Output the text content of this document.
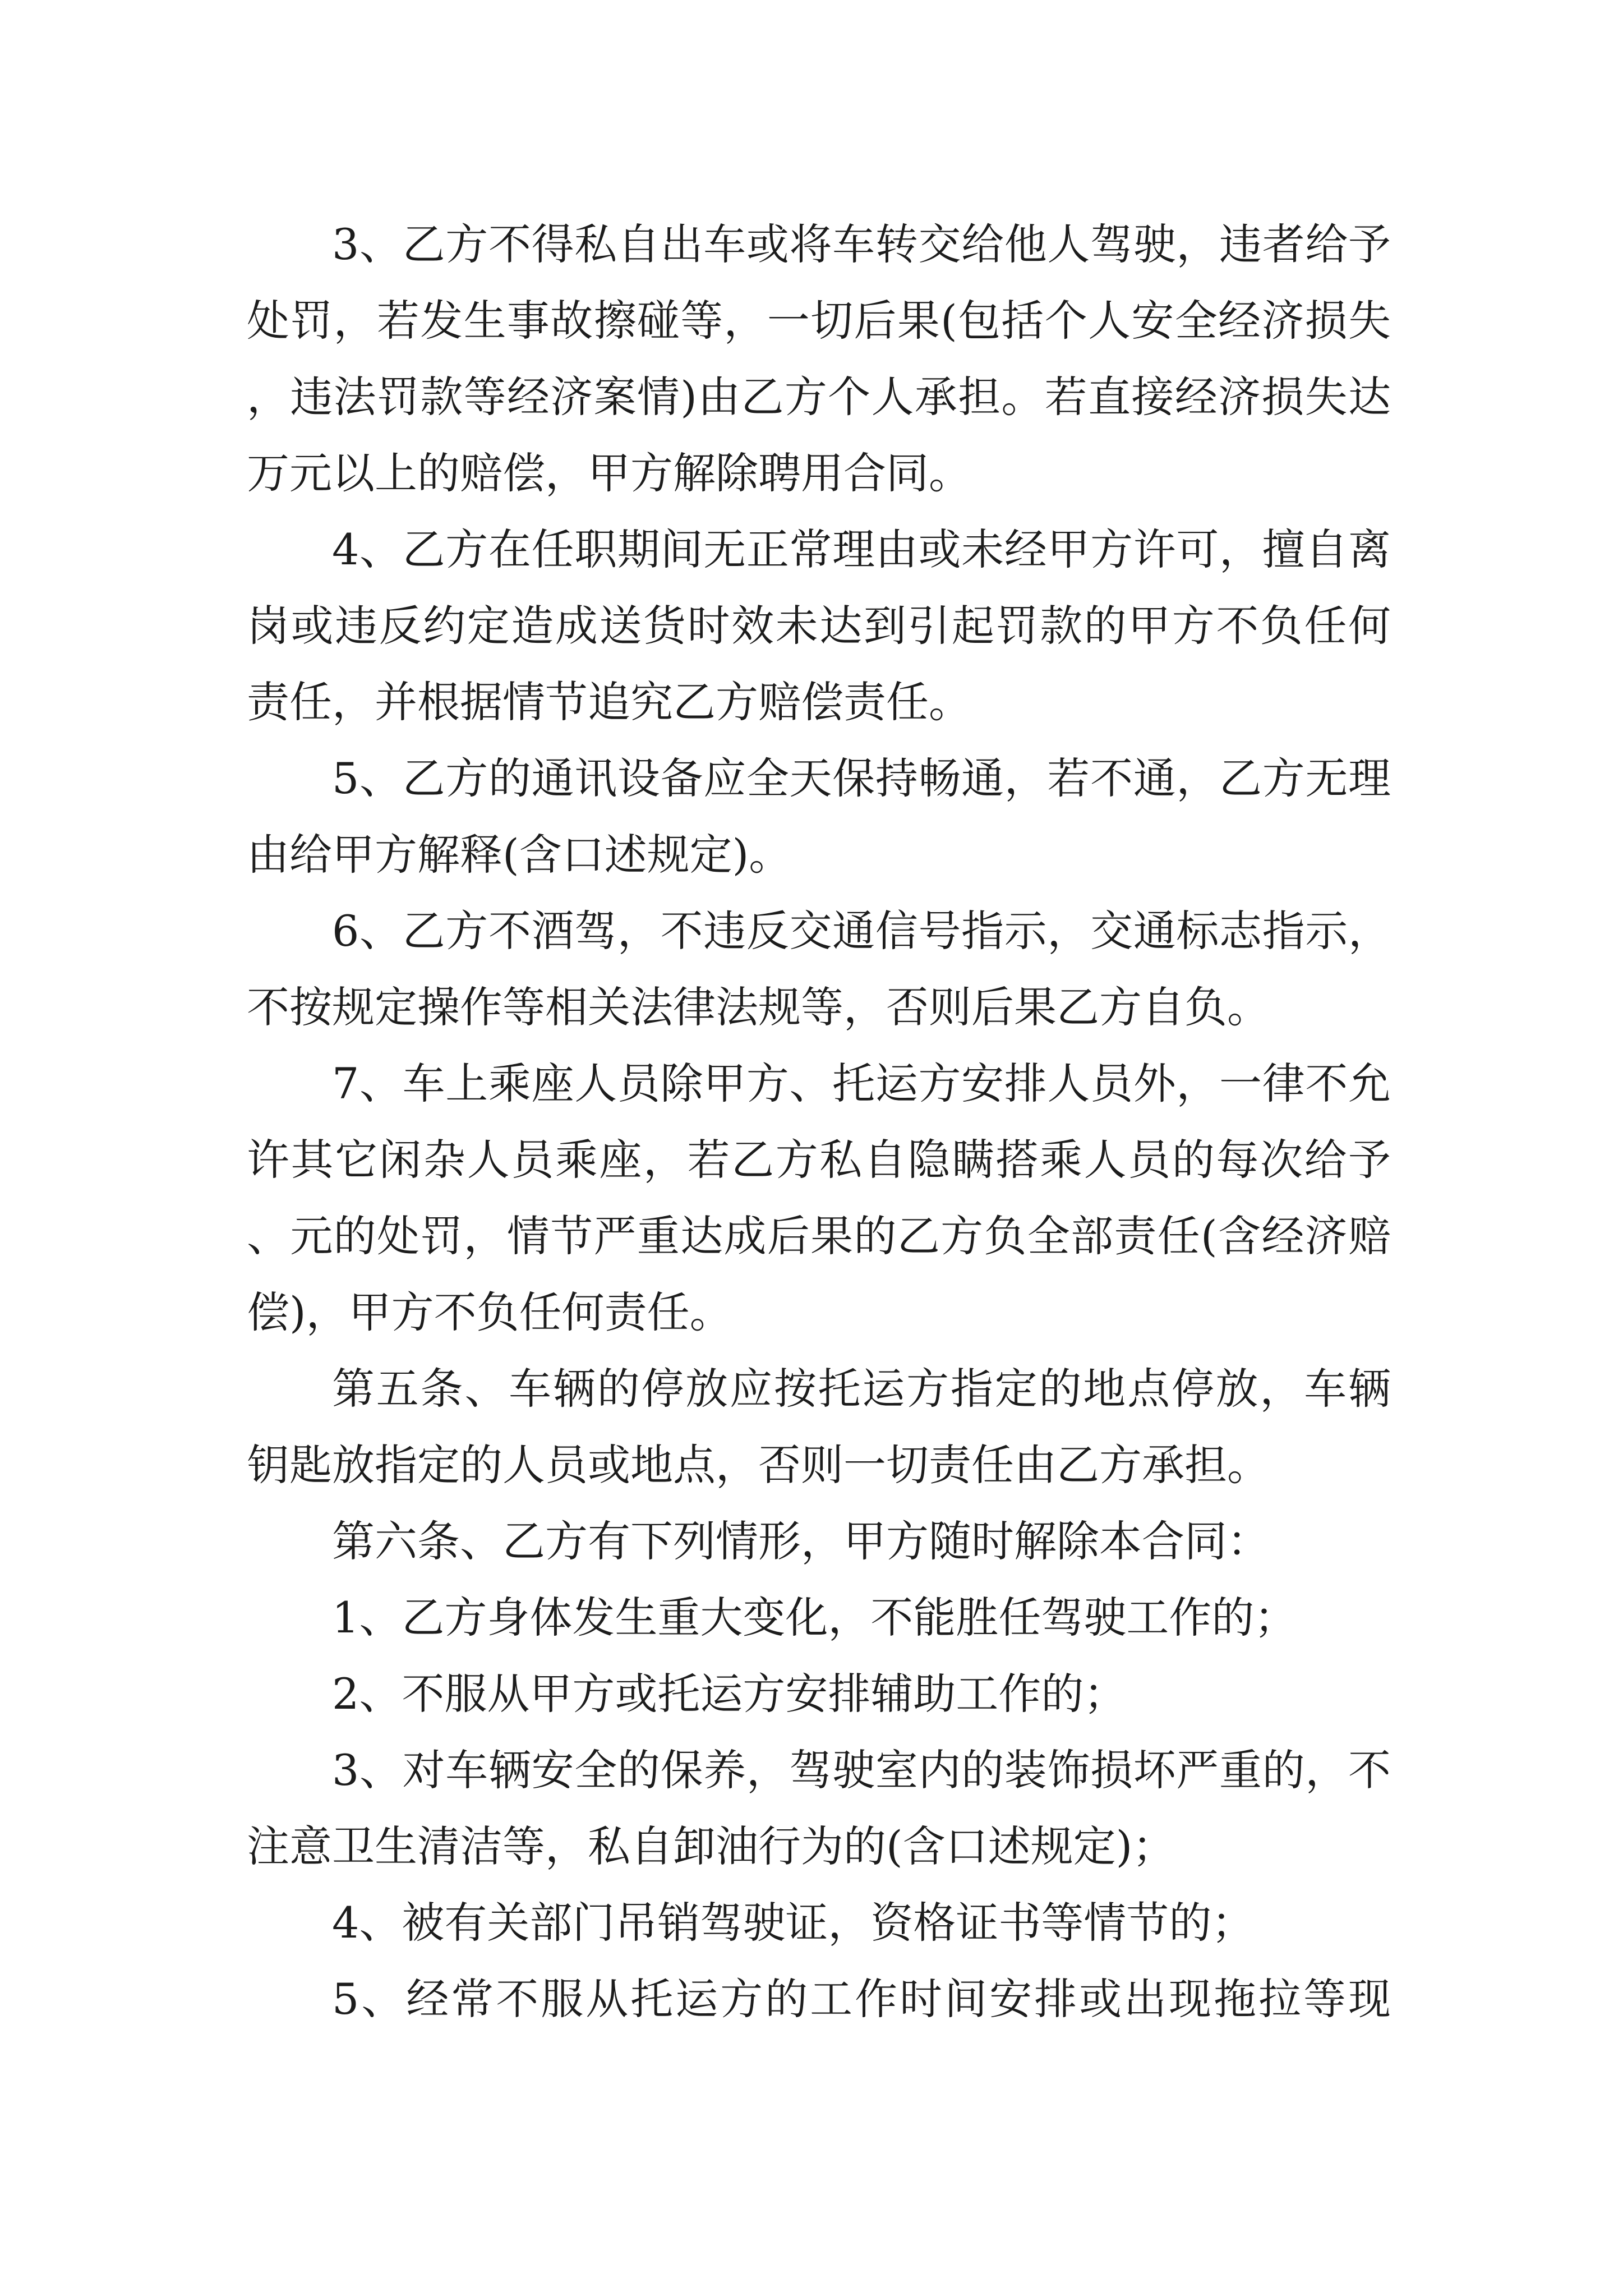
3、乙方不得私自出车或将车转交给他人驾驶，违者给予处罚，若发生事故擦碰等，一切后果(包括个人安全经济损失，违法罚款等经济案情)由乙方个人承担。若直接经济损失达万元以上的赔偿，甲方解除聘用合同。

4、乙方在任职期间无正常理由或未经甲方许可，擅自离岗或违反约定造成送货时效未达到引起罚款的甲方不负任何责任，并根据情节追究乙方赔偿责任。

5、乙方的通讯设备应全天保持畅通，若不通，乙方无理由给甲方解释(含口述规定)。

6、乙方不酒驾，不违反交通信号指示，交通标志指示，不按规定操作等相关法律法规等，否则后果乙方自负。

7、车上乘座人员除甲方、托运方安排人员外，一律不允许其它闲杂人员乘座，若乙方私自隐瞒搭乘人员的每次给予、元的处罚，情节严重达成后果的乙方负全部责任(含经济赔偿)，甲方不负任何责任。

第五条、车辆的停放应按托运方指定的地点停放，车辆钥匙放指定的人员或地点，否则一切责任由乙方承担。

第六条、乙方有下列情形，甲方随时解除本合同：

1、乙方身体发生重大变化，不能胜任驾驶工作的；

2、不服从甲方或托运方安排辅助工作的；

3、对车辆安全的保养，驾驶室内的装饰损坏严重的，不注意卫生清洁等，私自卸油行为的(含口述规定)；

4、被有关部门吊销驾驶证，资格证书等情节的；

5、经常不服从托运方的工作时间安排或出现拖拉等现
